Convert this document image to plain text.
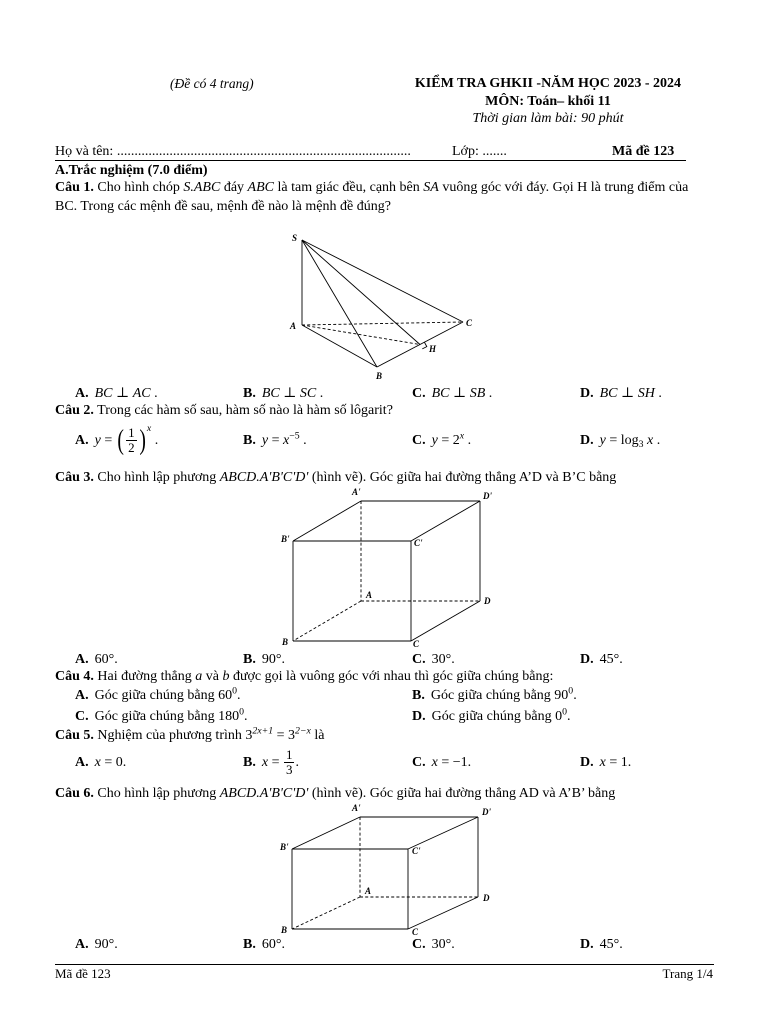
(Đề có 4 trang)	KIỂM TRA GHKII -NĂM HỌC 2023 - 2024
MÔN: Toán– khối 11
Thời gian làm bài: 90 phút
Họ và tên: ....................................................................................	Lớp: .......	Mã đề 123
A.Trắc nghiệm (7.0 điểm)
Câu 1. Cho hình chóp S.ABC đáy ABC là tam giác đều, cạnh bên SA vuông góc với đáy. Gọi H là trung điểm của BC. Trong các mệnh đề sau, mệnh đề nào là mệnh đề đúng?
S
A	C
B
H
A. BC ⊥ AC .	B. BC ⊥ SC .	C. BC ⊥ SB .	D. BC ⊥ SH .
Câu 2. Trong các hàm số sau, hàm số nào là hàm số lôgarit?
A. y = ( $\frac{1}{2}$ ) $^x$ .	B. $y = x^{-5}$ .	C. $y = 2^x$ .	D. $y = \log_3 x$ .
Câu 3. Cho hình lập phương ABCD.A'B'C'D' (hình vẽ). Góc giữa hai đường thẳng A’D và B’C bằng
A'	D'
B'	C'
A
D
B	C
A. 60°.	B. 90°.	C. 30°.	D. 45°.
Câu 4. Hai đường thẳng a và b được gọi là vuông góc với nhau thì góc giữa chúng bằng:
A. Góc giữa chúng bằng $60^0$.	B. Góc giữa chúng bằng $90^0$.
C. Góc giữa chúng bằng $180^0$.	D. Góc giữa chúng bằng $0^0$.
Câu 5. Nghiệm của phương trình $3^{2x+1} = 3^{2-x}$ là
A. x = 0.	B. $x = \frac{1}{3}$ .	C. x = −1.	D. x = 1.
Câu 6. Cho hình lập phương ABCD.A'B'C'D' (hình vẽ). Góc giữa hai đường thẳng AD và A’B’ bằng
A'	D'
B'	C'
A
D
B	C
A. 90°.	B. 60°.	C. 30°.	D. 45°.
Mã đề 123	Trang 1/4
